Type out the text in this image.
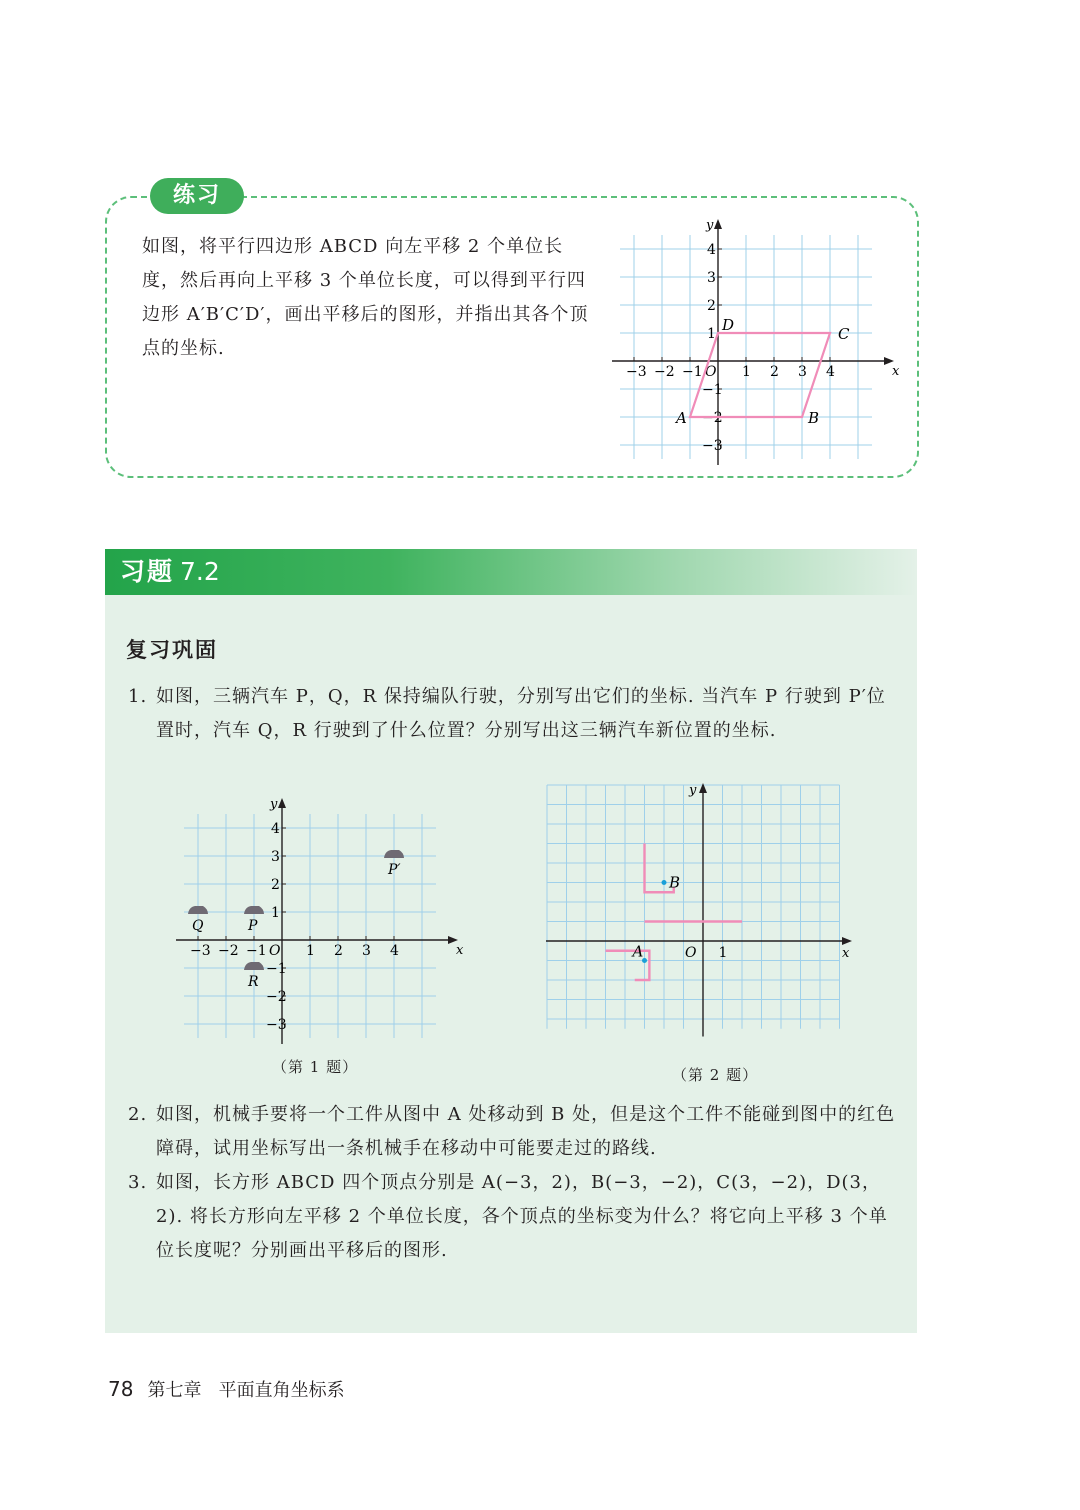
练习
如图，将平行四边形 ABCD 向左平移 2 个单位长度，然后再向上平移 3 个单位长度，可以得到平行四边形 A′B′C′D′，画出平移后的图形，并指出其各个顶点的坐标.
x
y
O
−3 −2 −1	1 2 3 4
4
3
2
1
−1
−2
−3
A	B
C
D
习题 7.2
复习巩固
1. 如图，三辆汽车 P，Q，R 保持编队行驶，分别写出它们的坐标. 当汽车 P 行驶到 P′位置时，汽车 Q，R 行驶到了什么位置？分别写出这三辆汽车新位置的坐标.
x
y
O
−3 −2 −1	1 2 3 4
4
3
2
1
−1
−2
−3
Q	P
R
P′
（第 1 题）
x
y
O 1
A
B
（第 2 题）
2. 如图，机械手要将一个工件从图中 A 处移动到 B 处，但是这个工件不能碰到图中的红色障碍，试用坐标写出一条机械手在移动中可能要走过的路线.
3. 如图，长方形 ABCD 四个顶点分别是 A(−3，2)，B(−3，−2)，C(3，−2)，D(3，2). 将长方形向左平移 2 个单位长度，各个顶点的坐标变为什么？将它向上平移 3 个单位长度呢？分别画出平移后的图形.
78 第七章 平面直角坐标系
